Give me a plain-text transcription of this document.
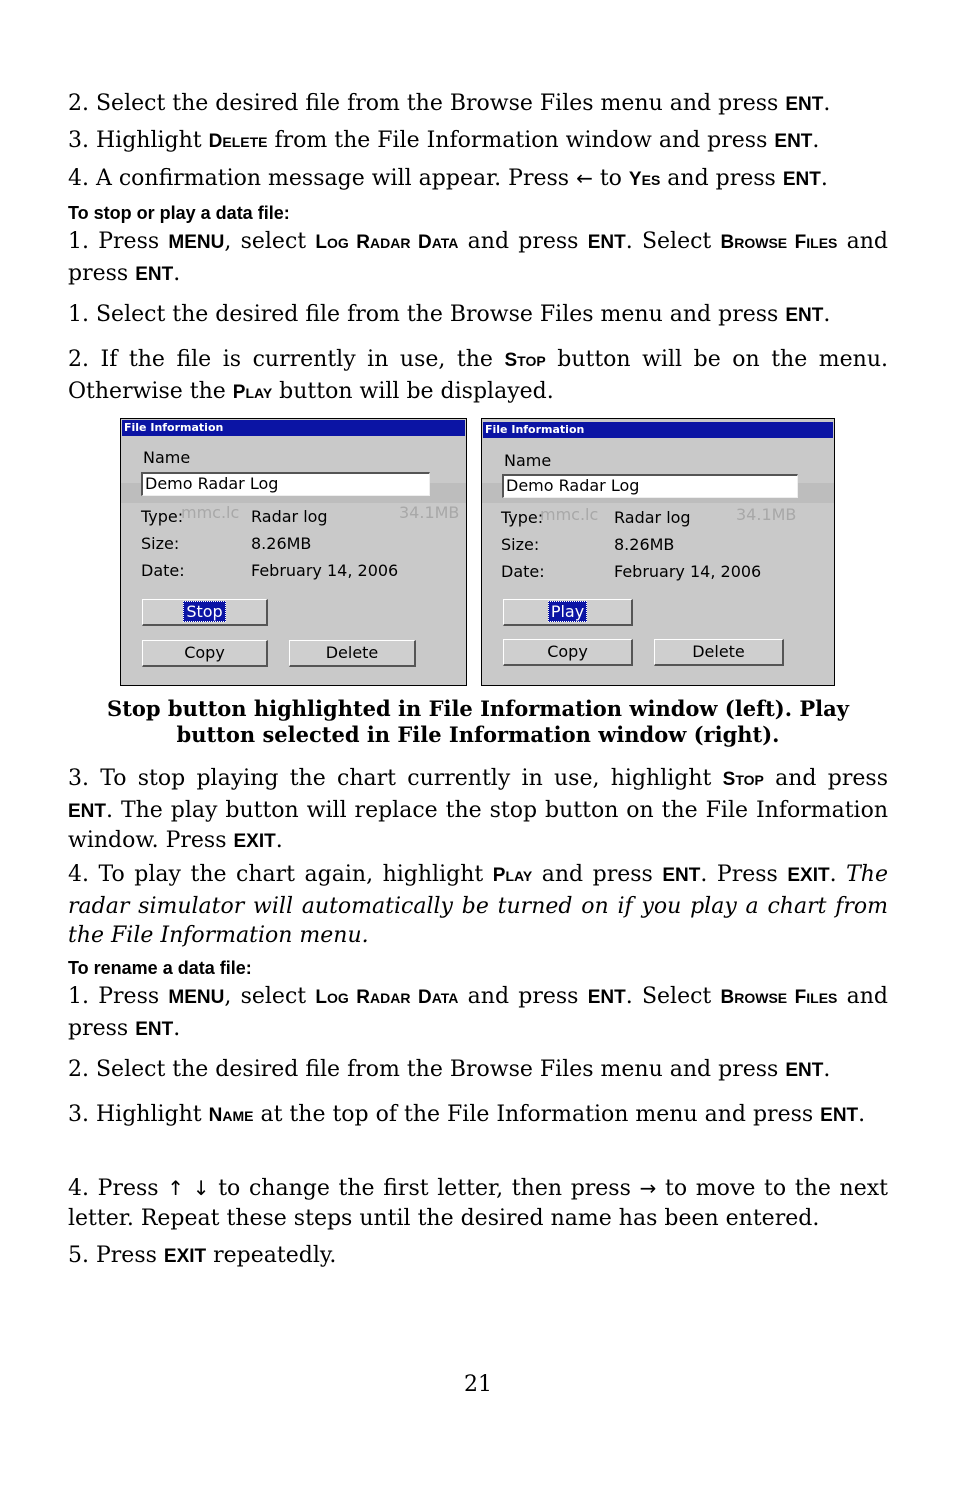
2. Select the desired file from the Browse Files menu and press ENT.

3. Highlight DELETE from the File Information window and press ENT.

4. A confirmation message will appear. Press ← to YES and press ENT.

To stop or play a data file:

1. Press MENU, select LOG RADAR DATA and press ENT. Select BROWSE FILES and press ENT.

1. Select the desired file from the Browse Files menu and press ENT.

2. If the file is currently in use, the STOP button will be on the menu. Otherwise the PLAY button will be displayed.

File Information
34.1MB
mmc.lc
Name
Demo Radar Log
Type:	Radar log
Size:	8.26MB
Date:	February 14, 2006
Stop
Copy	Delete
File Information
34.1MB
mmc.lc
Name
Demo Radar Log
Type:	Radar log
Size:	8.26MB
Date:	February 14, 2006
Play
Copy	Delete

Stop button highlighted in File Information window (left). Play button selected in File Information window (right).

3. To stop playing the chart currently in use, highlight STOP and press ENT. The play button will replace the stop button on the File Information window. Press EXIT.

4. To play the chart again, highlight PLAY and press ENT. Press EXIT. The radar simulator will automatically be turned on if you play a chart from the File Information menu.

To rename a data file:

1. Press MENU, select LOG RADAR DATA and press ENT. Select BROWSE FILES and press ENT.

2. Select the desired file from the Browse Files menu and press ENT.

3. Highlight NAME at the top of the File Information menu and press ENT.

4. Press ↑ ↓ to change the first letter, then press → to move to the next letter. Repeat these steps until the desired name has been entered.

5. Press EXIT repeatedly.

21
